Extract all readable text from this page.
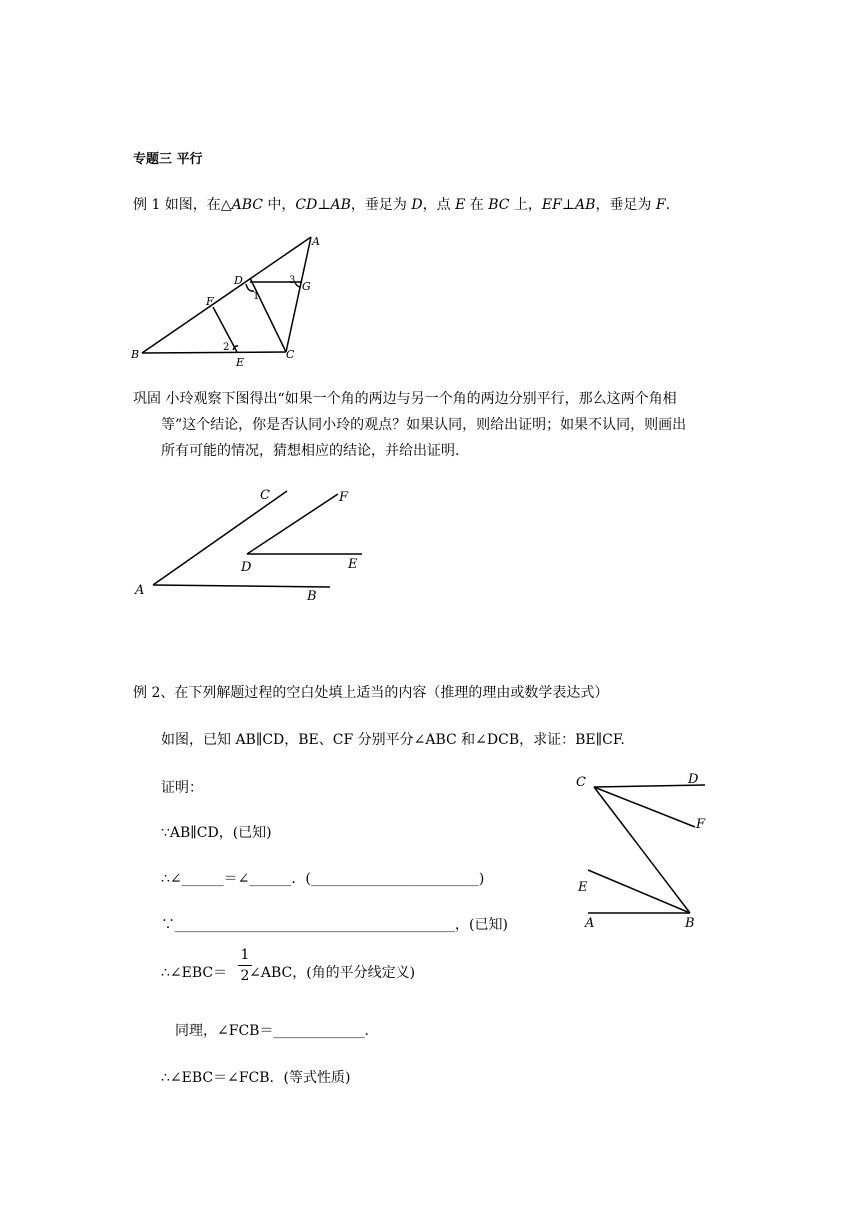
专题三 平行
例 1 如图，在△ABC 中，CD⊥AB，垂足为 D，点 E 在 BC 上，EF⊥AB，垂足为 F.
A
B	C
D
E
F
G
1
2
3
巩固 小玲观察下图得出“如果一个角的两边与另一个角的两边分别平行，那么这两个角相
等”这个结论，你是否认同小玲的观点？如果认同，则给出证明；如果不认同，则画出
所有可能的情况，猜想相应的结论，并给出证明.
A	B
C
D	E
F
例 2、在下列解题过程的空白处填上适当的内容（推理的理由或数学表达式）
如图，已知 AB∥CD，BE、CF 分别平分∠ABC 和∠DCB，求证：BE∥CF.
证明：
∵AB∥CD，(已知)
∴∠______＝∠______．(________________________)
∵________________________________________，(已知)
∴∠EBC＝ ∠ABC，(角的平分线定义)
1
2
同理，∠FCB＝_____________.
∴∠EBC＝∠FCB．(等式性质)
C	D
F
E
A	B
